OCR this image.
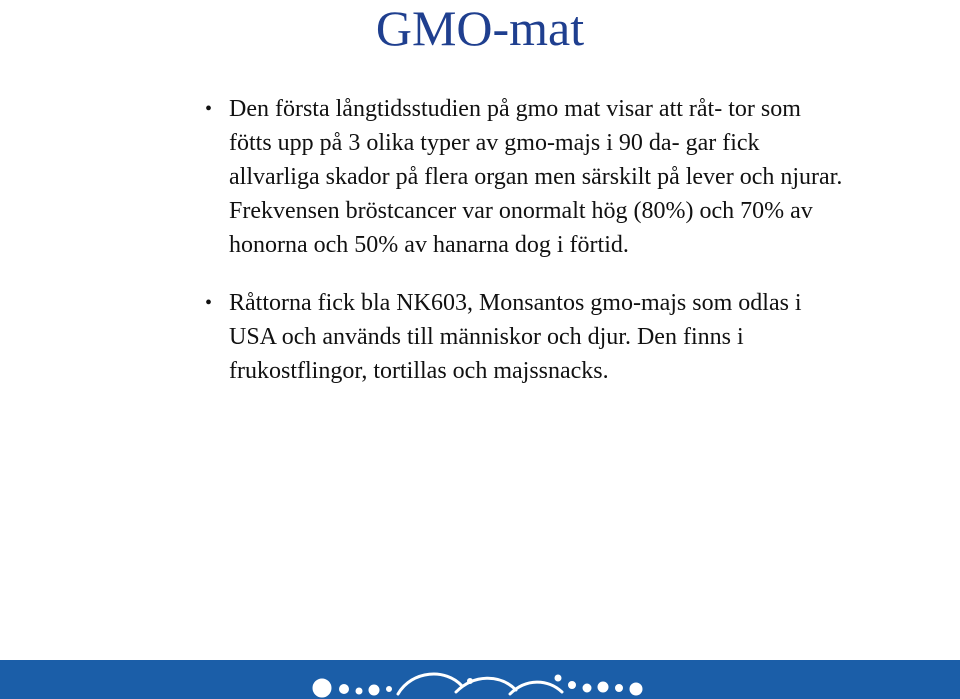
GMO-mat
• Den första långtidsstudien på gmo mat visar att råt- tor som fötts upp på 3 olika typer av gmo-majs i 90 da- gar fick allvarliga skador på flera organ men särskilt på lever och njurar. Frekvensen bröstcancer var onormalt hög (80%) och 70% av honorna och 50% av hanarna dog i förtid.
• Råttorna fick bla NK603, Monsantos gmo-majs som odlas i USA och används till människor och djur. Den finns i frukostflingor, tortillas och majssnacks.
